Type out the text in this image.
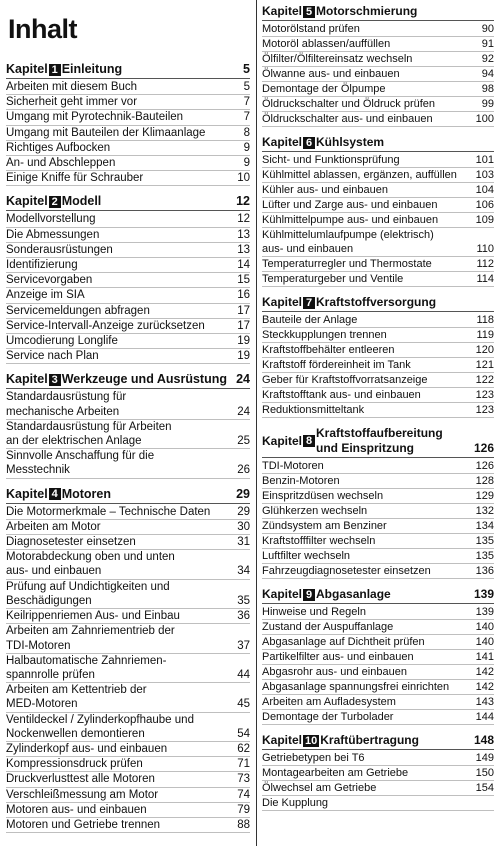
Inhalt
Kapitel 1 Einleitung	5
Arbeiten mit diesem Buch	5
Sicherheit geht immer vor	7
Umgang mit Pyrotechnik-Bauteilen	7
Umgang mit Bauteilen der Klimaanlage	8
Richtiges Aufbocken	9
An- und Abschleppen	9
Einige Kniffe für Schrauber	10
Kapitel 2 Modell	12
Modellvorstellung	12
Die Abmessungen	13
Sonderausrüstungen	13
Identifizierung	14
Servicevorgaben	15
Anzeige im SIA	16
Servicemeldungen abfragen	17
Service-Intervall-Anzeige zurücksetzen	17
Umcodierung Longlife	19
Service nach Plan	19
Kapitel 3 Werkzeuge und Ausrüstung 24
Standardausrüstung für
mechanische Arbeiten	24
Standardausrüstung für Arbeiten
an der elektrischen Anlage	25
Sinnvolle Anschaffung für die
Messtechnik	26
Kapitel 4 Motoren	29
Die Motormerkmale – Technische Daten	29
Arbeiten am Motor	30
Diagnosetester einsetzen	31
Motorabdeckung oben und unten
aus- und einbauen	34
Prüfung auf Undichtigkeiten und
Beschädigungen	35
Keilrippenriemen Aus- und Einbau	36
Arbeiten am Zahnriementrieb der
TDI-Motoren	37
Halbautomatische Zahnriemen-
spannrolle prüfen	44
Arbeiten am Kettentrieb der
MED-Motoren	45
Ventildeckel / Zylinderkopfhaube und
Nockenwellen demontieren	54
Zylinderkopf aus- und einbauen	62
Kompressionsdruck prüfen	71
Druckverlusttest alle Motoren	73
Verschleißmessung am Motor	74
Motoren aus- und einbauen	79
Motoren und Getriebe trennen	88
Kapitel 5 Motorschmierung
Motorölstand prüfen	90
Motoröl ablassen/auffüllen	91
Ölfilter/Ölfiltereinsatz wechseln	92
Ölwanne aus- und einbauen	94
Demontage der Ölpumpe	98
Öldruckschalter und Öldruck prüfen	99
Öldruckschalter aus- und einbauen	100
Kapitel 6 Kühlsystem
Sicht- und Funktionsprüfung	101
Kühlmittel ablassen, ergänzen, auffüllen	103
Kühler aus- und einbauen	104
Lüfter und Zarge aus- und einbauen	106
Kühlmittelpumpe aus- und einbauen	109
Kühlmittelumlaufpumpe (elektrisch)
aus- und einbauen	110
Temperaturregler und Thermostate	112
Temperaturgeber und Ventile	114
Kapitel 7 Kraftstoffversorgung
Bauteile der Anlage	118
Steckkupplungen trennen	119
Kraftstoffbehälter entleeren	120
Kraftstoff fördereinheit im Tank	121
Geber für Kraftstoffvorratsanzeige	122
Kraftstofftank aus- und einbauen	123
Reduktionsmitteltank	123
Kapitel 8
Kraftstoffaufbereitung
und Einspritzung	126
TDI-Motoren	126
Benzin-Motoren	128
Einspritzdüsen wechseln	129
Glühkerzen wechseln	132
Zündsystem am Benziner	134
Kraftstofffilter wechseln	135
Luftfilter wechseln	135
Fahrzeugdiagnosetester einsetzen	136
Kapitel 9 Abgasanlage	139
Hinweise und Regeln	139
Zustand der Auspuffanlage	140
Abgasanlage auf Dichtheit prüfen	140
Partikelfilter aus- und einbauen	141
Abgasrohr aus- und einbauen	142
Abgasanlage spannungsfrei einrichten	142
Arbeiten am Aufladesystem	143
Demontage der Turbolader	144
Kapitel 10 Kraftübertragung	148
Getriebetypen bei T6	149
Montagearbeiten am Getriebe	150
Ölwechsel am Getriebe	154
Die Kupplung
